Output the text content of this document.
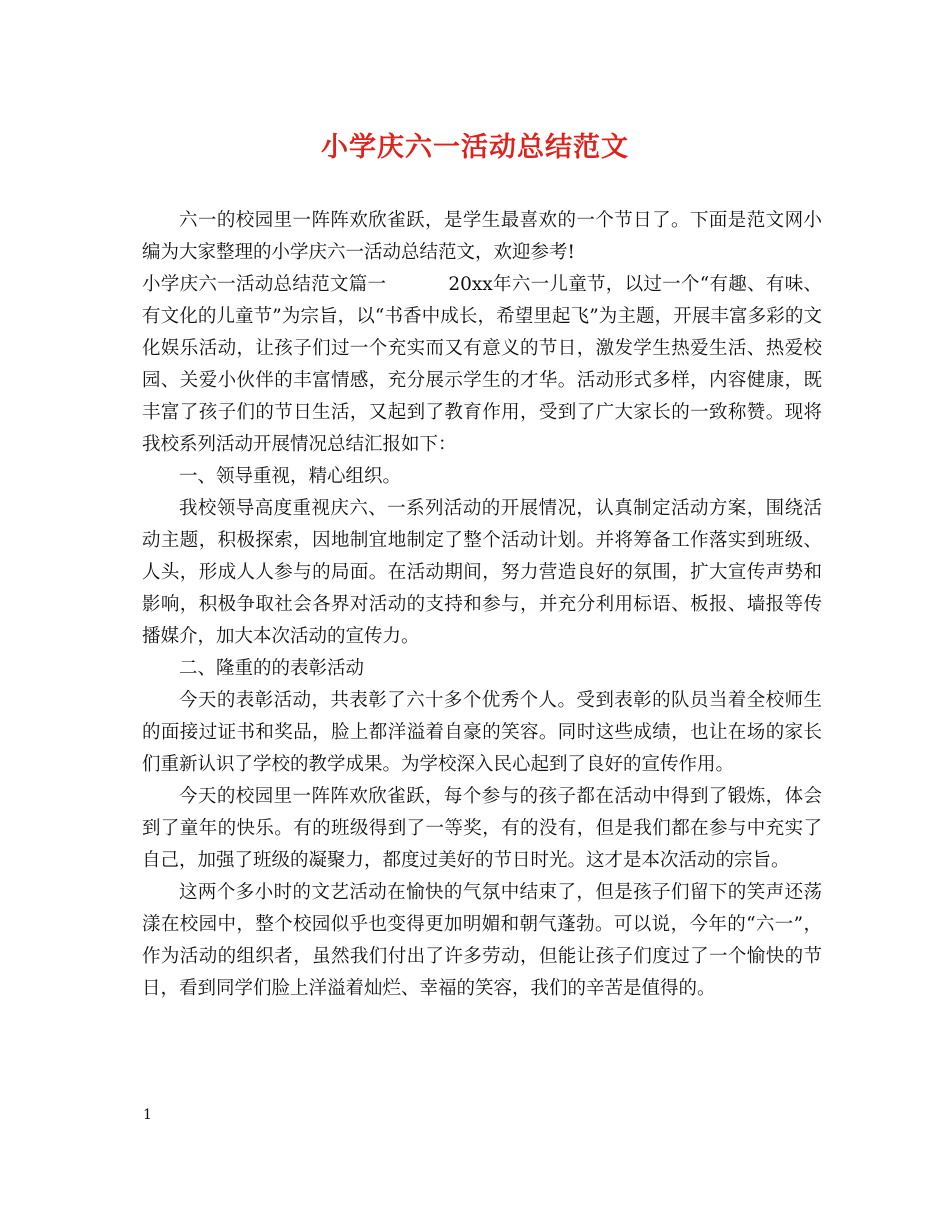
小学庆六一活动总结范文

六一的校园里一阵阵欢欣雀跃，是学生最喜欢的一个节日了。下面是范文网小编为大家整理的小学庆六一活动总结范文，欢迎参考!

小学庆六一活动总结范文篇一	20xx年六一儿童节，以过一个“有趣、有味、有文化的儿童节”为宗旨，以“书香中成长，希望里起飞”为主题，开展丰富多彩的文化娱乐活动，让孩子们过一个充实而又有意义的节日，激发学生热爱生活、热爱校园、关爱小伙伴的丰富情感，充分展示学生的才华。活动形式多样，内容健康，既丰富了孩子们的节日生活，又起到了教育作用，受到了广大家长的一致称赞。现将我校系列活动开展情况总结汇报如下：

一、领导重视，精心组织。

我校领导高度重视庆六、一系列活动的开展情况，认真制定活动方案，围绕活动主题，积极探索，因地制宜地制定了整个活动计划。并将筹备工作落实到班级、人头，形成人人参与的局面。在活动期间，努力营造良好的氛围，扩大宣传声势和影响，积极争取社会各界对活动的支持和参与，并充分利用标语、板报、墙报等传播媒介，加大本次活动的宣传力。

二、隆重的的表彰活动

今天的表彰活动，共表彰了六十多个优秀个人。受到表彰的队员当着全校师生的面接过证书和奖品，脸上都洋溢着自豪的笑容。同时这些成绩，也让在场的家长们重新认识了学校的教学成果。为学校深入民心起到了良好的宣传作用。

今天的校园里一阵阵欢欣雀跃，每个参与的孩子都在活动中得到了锻炼，体会到了童年的快乐。有的班级得到了一等奖，有的没有，但是我们都在参与中充实了自己，加强了班级的凝聚力，都度过美好的节日时光。这才是本次活动的宗旨。

这两个多小时的文艺活动在愉快的气氛中结束了，但是孩子们留下的笑声还荡漾在校园中，整个校园似乎也变得更加明媚和朝气蓬勃。可以说，今年的“六一”，作为活动的组织者，虽然我们付出了许多劳动，但能让孩子们度过了一个愉快的节日，看到同学们脸上洋溢着灿烂、幸福的笑容，我们的辛苦是值得的。

1
